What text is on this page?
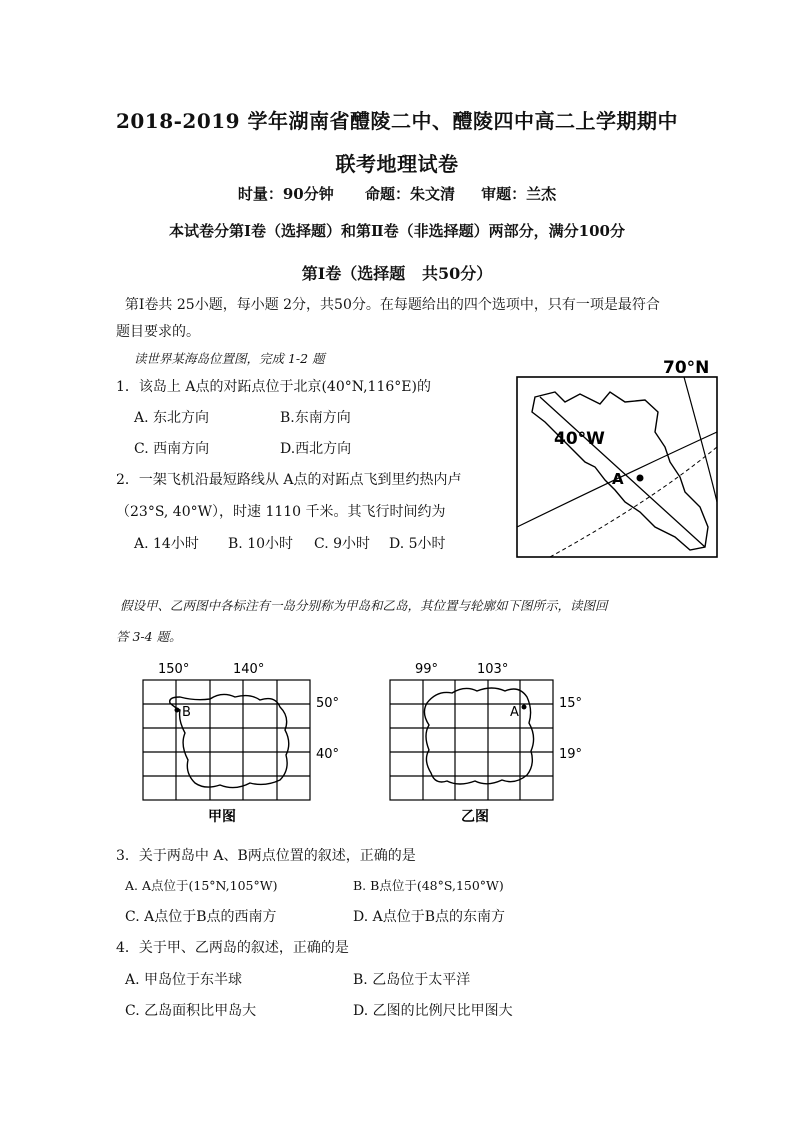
2018-2019 学年湖南省醴陵二中、醴陵四中高二上学期期中
联考地理试卷
时量：90分钟      命题：朱文清     审题：兰杰
本试卷分第Ⅰ卷（选择题）和第Ⅱ卷（非选择题）两部分，满分100分
第Ⅰ卷（选择题   共50分）
第Ⅰ卷共 25小题，每小题 2分，共50分。在每题给出的四个选项中，只有一项是最符合
题目要求的。
读世界某海岛位置图，完成 1-2 题
1．该岛上 A点的对跖点位于北京(40°N,116°E)的
A. 东北方向	B.东南方向
C. 西南方向	D.西北方向
2．一架飞机沿最短路线从 A点的对跖点飞到里约热内卢
（23°S, 40°W），时速 1110 千米。其飞行时间约为
A. 14小时 B. 10小时 C. 9小时 D. 5小时
70°N
40°W
A
假设甲、乙两图中各标注有一岛分别称为甲岛和乙岛，其位置与轮廓如下图所示，读图回
答 3-4 题。
150°	140°
50°
40°
B
甲图
99°	103°
15°
19°
A
乙图
3．关于两岛中 A、B两点位置的叙述，正确的是
A. A点位于(15°N,105°W)	B. B点位于(48°S,150°W)
C. A点位于B点的西南方	D. A点位于B点的东南方
4．关于甲、乙两岛的叙述，正确的是
A. 甲岛位于东半球	B. 乙岛位于太平洋
C. 乙岛面积比甲岛大	D. 乙图的比例尺比甲图大
